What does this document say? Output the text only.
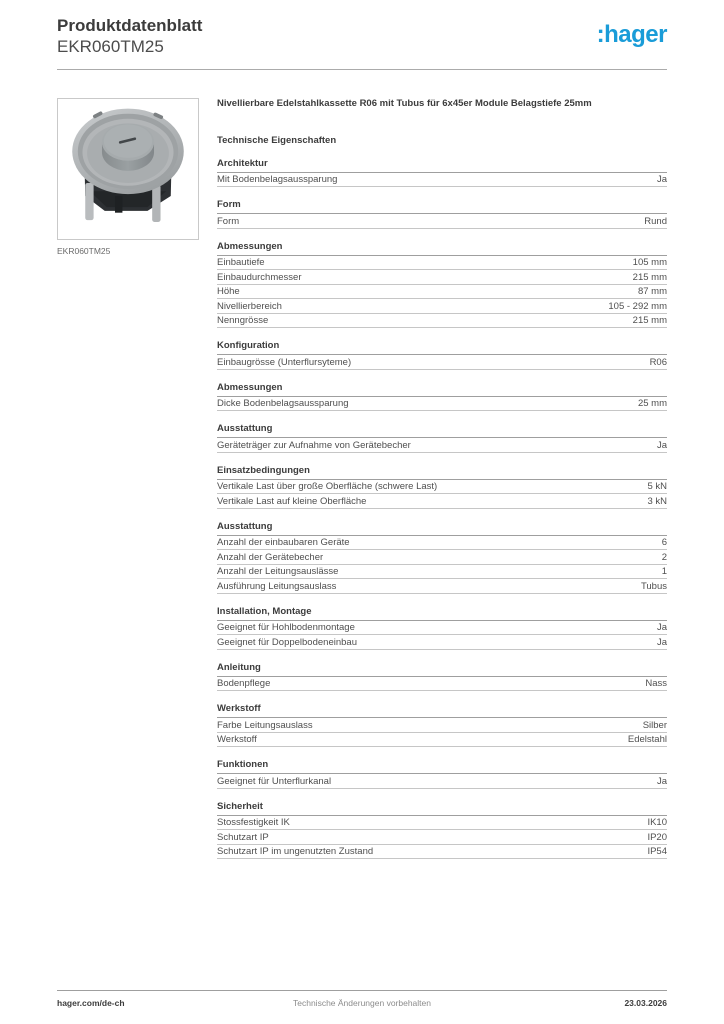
Produktdatenblatt
EKR060TM25	:hager
EKR060TM25
Nivellierbare Edelstahlkassette R06 mit Tubus für 6x45er Module Belagstiefe 25mm
Technische Eigenschaften
Architektur
Mit Bodenbelagsaussparung	Ja
Form
Form	Rund
Abmessungen
Einbautiefe	105 mm
Einbaudurchmesser	215 mm
Höhe	87 mm
Nivellierbereich	105 - 292 mm
Nenngrösse	215 mm
Konfiguration
Einbaugrösse (Unterflursyteme)	R06
Abmessungen
Dicke Bodenbelagsaussparung	25 mm
Ausstattung
Geräteträger zur Aufnahme von Gerätebecher	Ja
Einsatzbedingungen
Vertikale Last über große Oberfläche (schwere Last)	5 kN
Vertikale Last auf kleine Oberfläche	3 kN
Ausstattung
Anzahl der einbaubaren Geräte	6
Anzahl der Gerätebecher	2
Anzahl der Leitungsauslässe	1
Ausführung Leitungsauslass	Tubus
Installation, Montage
Geeignet für Hohlbodenmontage	Ja
Geeignet für Doppelbodeneinbau	Ja
Anleitung
Bodenpflege	Nass
Werkstoff
Farbe Leitungsauslass	Silber
Werkstoff	Edelstahl
Funktionen
Geeignet für Unterflurkanal	Ja
Sicherheit
Stossfestigkeit IK	IK10
Schutzart IP	IP20
Schutzart IP im ungenutzten Zustand	IP54
hager.com/de-ch	Technische Änderungen vorbehalten	23.03.2026
